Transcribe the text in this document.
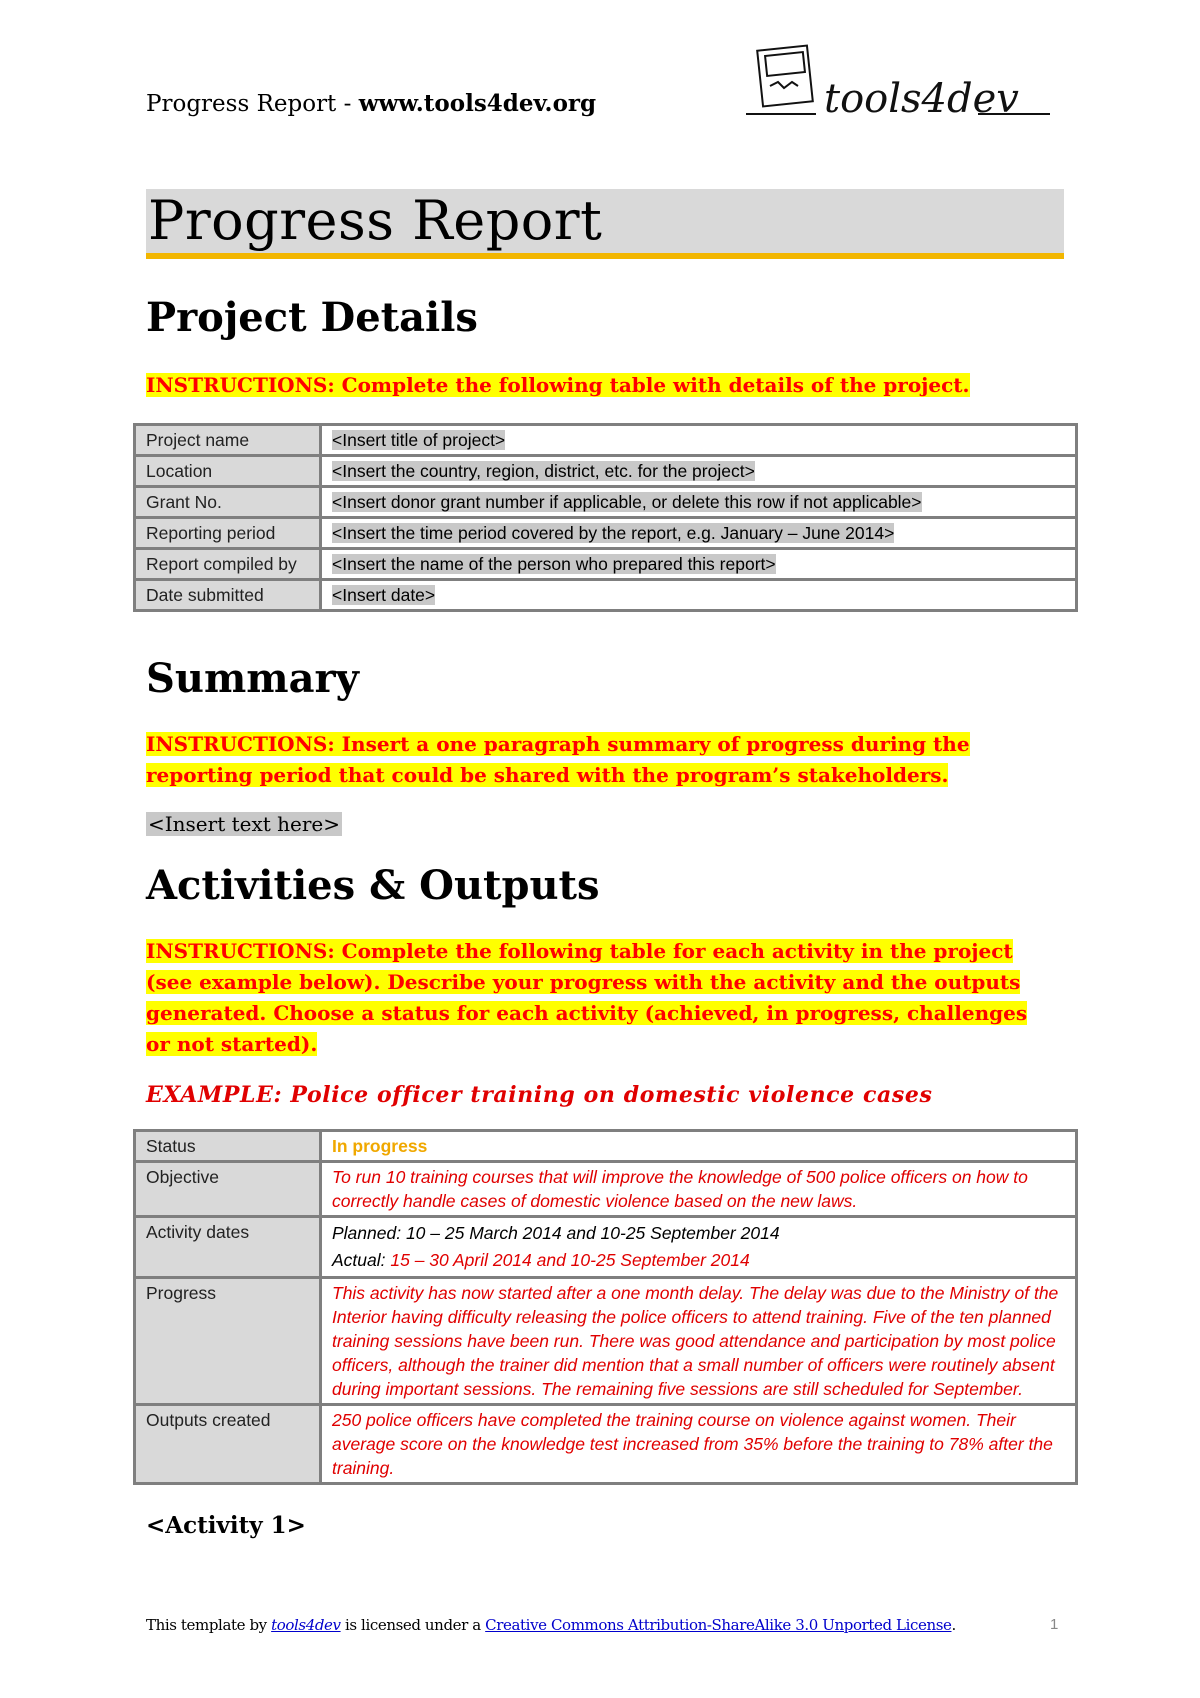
Progress Report - www.tools4dev.org	tools4dev
Progress Report
Project Details

INSTRUCTIONS: Complete the following table with details of the project.

Project name	<Insert title of project>
Location	<Insert the country, region, district, etc. for the project>
Grant No.	<Insert donor grant number if applicable, or delete this row if not applicable>
Reporting period	<Insert the time period covered by the report, e.g. January – June 2014>
Report compiled by	<Insert the name of the person who prepared this report>
Date submitted	<Insert date>
Summary

INSTRUCTIONS: Insert a one paragraph summary of progress during the
reporting period that could be shared with the program’s stakeholders.

<Insert text here>
Activities & Outputs

INSTRUCTIONS: Complete the following table for each activity in the project
(see example below). Describe your progress with the activity and the outputs
generated. Choose a status for each activity (achieved, in progress, challenges
or not started).

EXAMPLE: Police officer training on domestic violence cases

Status	In progress
Objective	To run 10 training courses that will improve the knowledge of 500 police officers on how to correctly handle cases of domestic violence based on the new laws.
Activity dates	Planned: 10 – 25 March 2014 and 10-25 September 2014
Actual: 15 – 30 April 2014 and 10-25 September 2014
Progress	This activity has now started after a one month delay. The delay was due to the Ministry of the Interior having difficulty releasing the police officers to attend training. Five of the ten planned training sessions have been run. There was good attendance and participation by most police officers, although the trainer did mention that a small number of officers were routinely absent during important sessions. The remaining five sessions are still scheduled for September.
Outputs created	250 police officers have completed the training course on violence against women. Their average score on the knowledge test increased from 35% before the training to 78% after the training.
<Activity 1>
This template by tools4dev is licensed under a Creative Commons Attribution-ShareAlike 3.0 Unported License.	1
